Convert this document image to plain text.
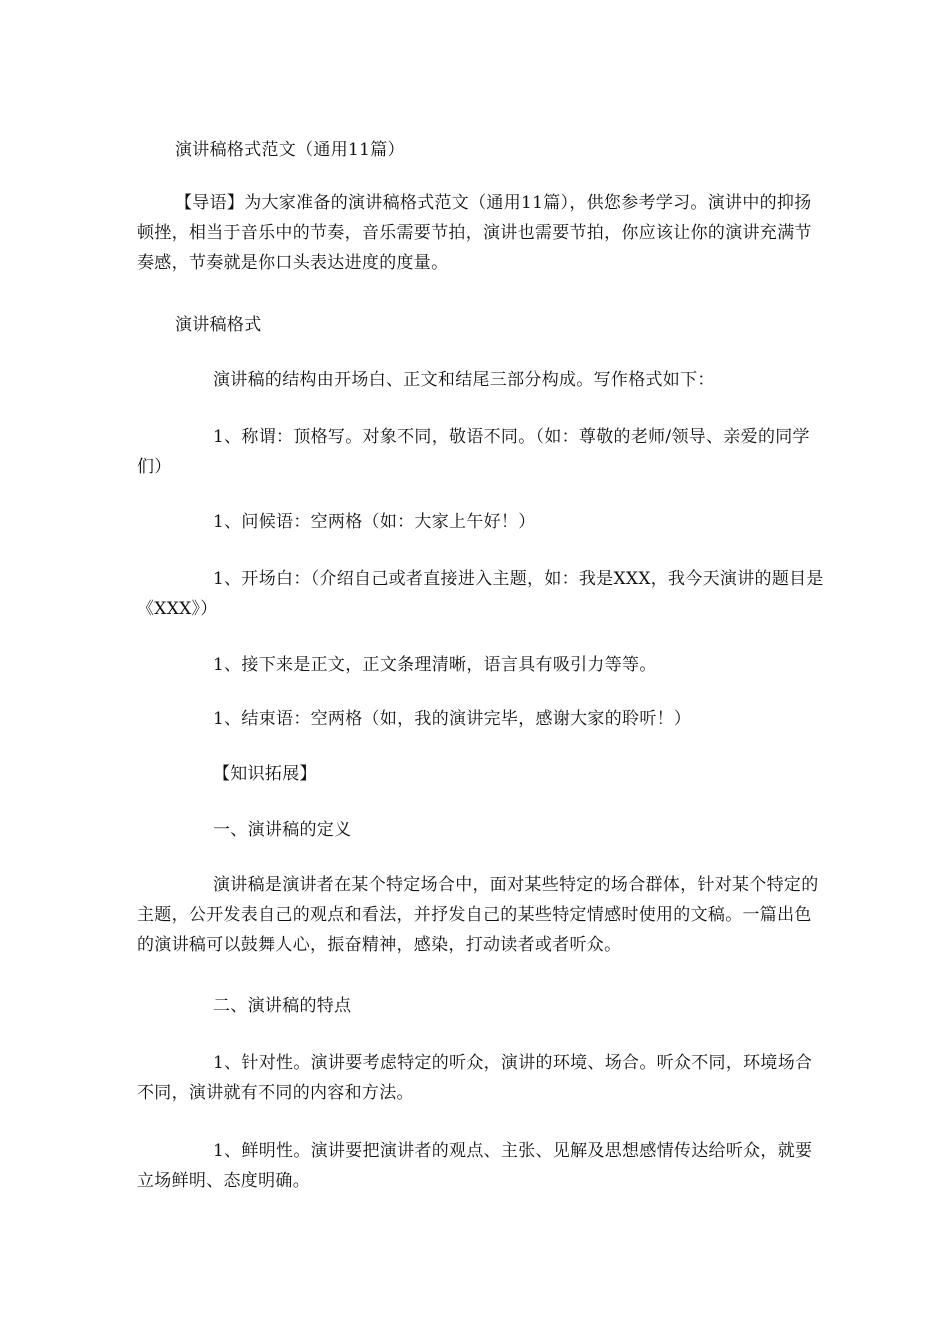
演讲稿格式范文（通用11篇）
【导语】为大家准备的演讲稿格式范文（通用11篇），供您参考学习。演讲中的抑扬顿挫，相当于音乐中的节奏，音乐需要节拍，演讲也需要节拍，你应该让你的演讲充满节奏感，节奏就是你口头表达进度的度量。
演讲稿格式
演讲稿的结构由开场白、正文和结尾三部分构成。写作格式如下：
1、称谓：顶格写。对象不同，敬语不同。（如：尊敬的老师/领导、亲爱的同学们）
1、问候语：空两格（如：大家上午好！）
1、开场白：（介绍自己或者直接进入主题，如：我是XXX，我今天演讲的题目是《XXX》）
1、接下来是正文，正文条理清晰，语言具有吸引力等等。
1、结束语：空两格（如，我的演讲完毕，感谢大家的聆听！）
【知识拓展】
一、演讲稿的定义
演讲稿是演讲者在某个特定场合中，面对某些特定的场合群体，针对某个特定的主题，公开发表自己的观点和看法，并抒发自己的某些特定情感时使用的文稿。一篇出色的演讲稿可以鼓舞人心，振奋精神，感染，打动读者或者听众。
二、演讲稿的特点
1、针对性。演讲要考虑特定的听众，演讲的环境、场合。听众不同，环境场合不同，演讲就有不同的内容和方法。
1、鲜明性。演讲要把演讲者的观点、主张、见解及思想感情传达给听众，就要立场鲜明、态度明确。
